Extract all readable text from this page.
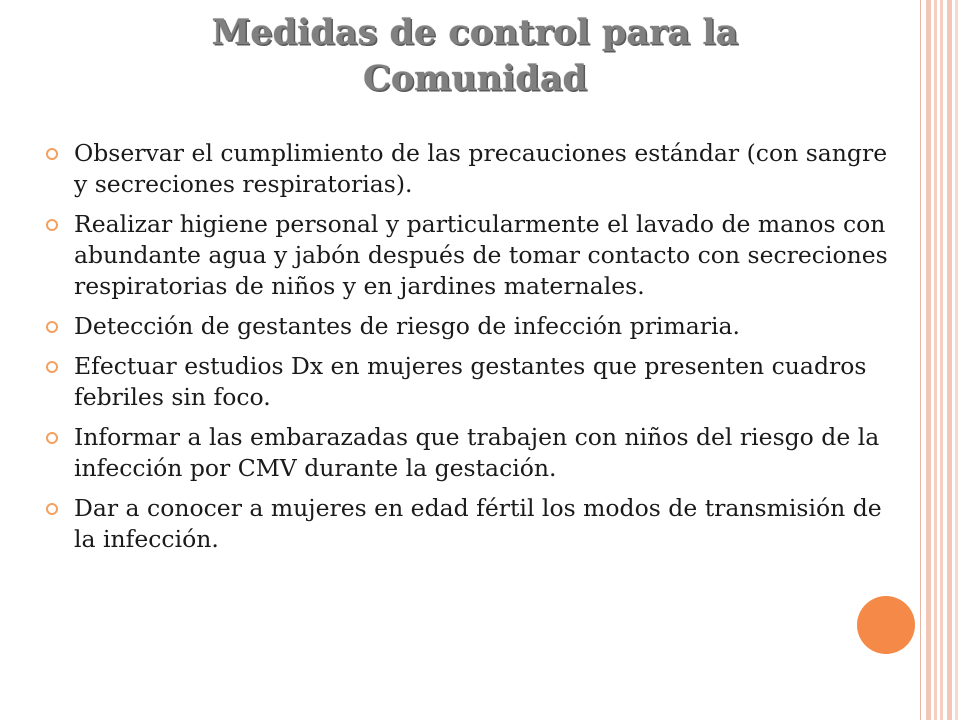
Medidas de control para la
Comunidad
Observar el cumplimiento de las precauciones estándar (con sangre y secreciones respiratorias).
Realizar higiene personal y particularmente el lavado de manos con abundante agua y jabón después de tomar contacto con secreciones respiratorias de niños y en jardines maternales.
Detección de gestantes de riesgo de infección primaria.
Efectuar estudios Dx en mujeres gestantes que presenten cuadros febriles sin foco.
Informar a las embarazadas que trabajen con niños del riesgo de la infección por CMV durante la gestación.
Dar a conocer a mujeres en edad fértil los modos de transmisión de la infección.
